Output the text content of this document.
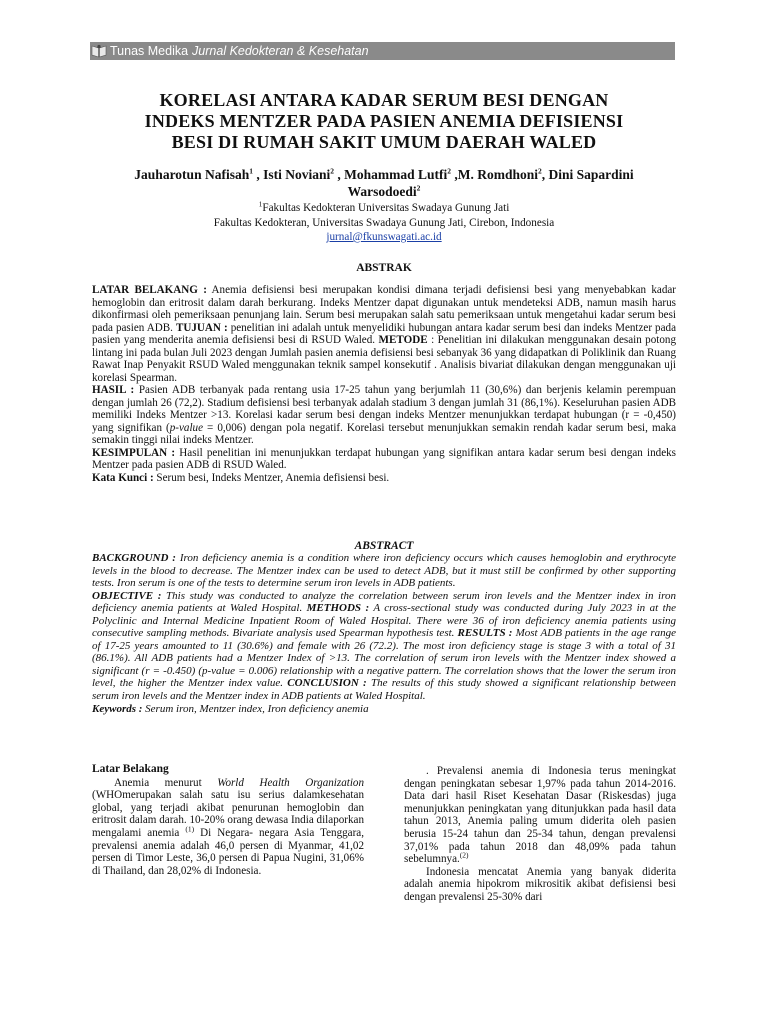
Tunas Medika Jurnal Kedokteran & Kesehatan
KORELASI ANTARA KADAR SERUM BESI DENGAN
INDEKS MENTZER PADA PASIEN ANEMIA DEFISIENSI
BESI DI RUMAH SAKIT UMUM DAERAH WALED
Jauharotun Nafisah$^1$ , Isti Noviani$^2$ , Mohammad Lutfi$^2$ ,M. Romdhoni$^2$, Dini Sapardini
Warsodoedi$^2$
$^1$Fakultas Kedokteran Universitas Swadaya Gunung Jati
Fakultas Kedokteran, Universitas Swadaya Gunung Jati, Cirebon, Indonesia
jurnal@fkunswagati.ac.id
ABSTRAK

LATAR BELAKANG : Anemia defisiensi besi merupakan kondisi dimana terjadi defisiensi besi yang menyebabkan kadar hemoglobin dan eritrosit dalam darah berkurang. Indeks Mentzer dapat digunakan untuk mendeteksi ADB, namun masih harus dikonfirmasi oleh pemeriksaan penunjang lain. Serum besi merupakan salah satu pemeriksaan untuk mengetahui kadar serum besi pada pasien ADB. TUJUAN : penelitian ini adalah untuk menyelidiki hubungan antara kadar serum besi dan indeks Mentzer pada pasien yang menderita anemia defisiensi besi di RSUD Waled. METODE : Penelitian ini dilakukan menggunakan desain potong lintang ini pada bulan Juli 2023 dengan Jumlah pasien anemia defisiensi besi sebanyak 36 yang didapatkan di Poliklinik dan Ruang Rawat Inap Penyakit RSUD Waled menggunakan teknik sampel konsekutif . Analisis bivariat dilakukan dengan menggunakan uji korelasi Spearman.

HASIL : Pasien ADB terbanyak pada rentang usia 17-25 tahun yang berjumlah 11 (30,6%) dan berjenis kelamin perempuan dengan jumlah 26 (72,2). Stadium defisiensi besi terbanyak adalah stadium 3 dengan jumlah 31 (86,1%). Keseluruhan pasien ADB memiliki Indeks Mentzer >13. Korelasi kadar serum besi dengan indeks Mentzer menunjukkan terdapat hubungan (r = -0,450) yang signifikan (p-value = 0,006) dengan pola negatif. Korelasi tersebut menunjukkan semakin rendah kadar serum besi, maka semakin tinggi nilai indeks Mentzer.

KESIMPULAN : Hasil penelitian ini menunjukkan terdapat hubungan yang signifikan antara kadar serum besi dengan indeks Mentzer pada pasien ADB di RSUD Waled.

Kata Kunci : Serum besi, Indeks Mentzer, Anemia defisiensi besi.

ABSTRACT

BACKGROUND : Iron deficiency anemia is a condition where iron deficiency occurs which causes hemoglobin and erythrocyte levels in the blood to decrease. The Mentzer index can be used to detect ADB, but it must still be confirmed by other supporting tests. Iron serum is one of the tests to determine serum iron levels in ADB patients.

OBJECTIVE : This study was conducted to analyze the correlation between serum iron levels and the Mentzer index in iron deficiency anemia patients at Waled Hospital. METHODS : A cross-sectional study was conducted during July 2023 in at the Polyclinic and Internal Medicine Inpatient Room of Waled Hospital. There were 36 of iron deficiency anemia patients using consecutive sampling methods. Bivariate analysis used Spearman hypothesis test. RESULTS : Most ADB patients in the age range of 17-25 years amounted to 11 (30.6%) and female with 26 (72.2). The most iron deficiency stage is stage 3 with a total of 31 (86.1%). All ADB patients had a Mentzer Index of >13. The correlation of serum iron levels with the Mentzer index showed a significant (r = -0.450) (p-value = 0.006) relationship with a negative pattern. The correlation shows that the lower the serum iron level, the higher the Mentzer index value. CONCLUSION : The results of this study showed a significant relationship between serum iron levels and the Mentzer index in ADB patients at Waled Hospital.

Keywords : Serum iron, Mentzer index, Iron deficiency anemia

Latar Belakang

Anemia menurut World Health Organization (WHOmerupakan salah satu isu serius dalamkesehatan global, yang terjadi akibat penurunan hemoglobin dan eritrosit dalam darah. 10-20% orang dewasa India dilaporkan mengalami anemia $^{(1)}$ Di Negara- negara Asia Tenggara, prevalensi anemia adalah 46,0 persen di Myanmar, 41,02 persen di Timor Leste, 36,0 persen di Papua Nugini, 31,06% di Thailand, dan 28,02% di Indonesia.

. Prevalensi anemia di Indonesia terus meningkat dengan peningkatan sebesar 1,97% pada tahun 2014-2016. Data dari hasil Riset Kesehatan Dasar (Riskesdas) juga menunjukkan peningkatan yang ditunjukkan pada hasil data tahun 2013, Anemia paling umum diderita oleh pasien berusia 15-24 tahun dan 25-34 tahun, dengan prevalensi 37,01% pada tahun 2018 dan 48,09% pada tahun sebelumnya.$^{(2)}$

Indonesia mencatat Anemia yang banyak diderita adalah anemia hipokrom mikrositik akibat defisiensi besi dengan prevalensi 25-30% dari
